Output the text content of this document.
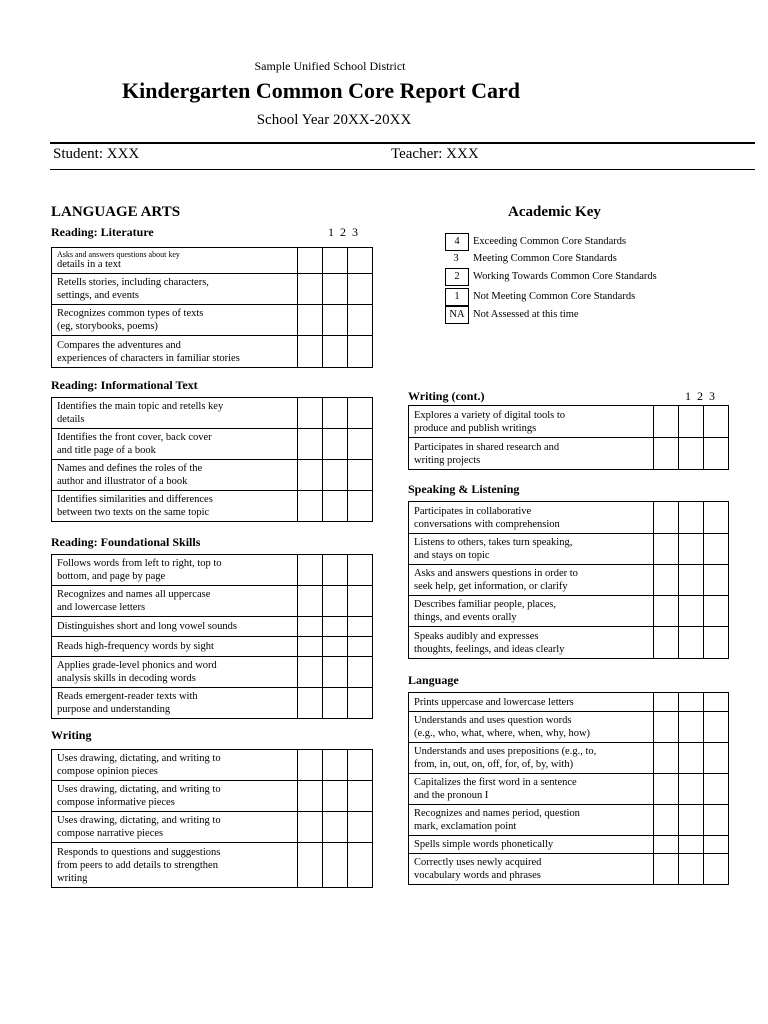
Sample Unified School District
Kindergarten Common Core Report Card
School Year 20XX-20XX
Student: XXX	Teacher: XXX
LANGUAGE ARTS
Reading: Literature	1 2 3
Asks and answers questions about key
details in a text			

Retells stories, including characters,
settings, and events			

Recognizes common types of texts
(eg, storybooks, poems)			

Compares the adventures and
experiences of characters in familiar stories			

Reading: Informational Text
Identifies the main topic and retells key
details			

Identifies the front cover, back cover
and title page of a book			

Names and defines the roles of the
author and illustrator of a book			

Identifies similarities and differences
between two texts on the same topic			

Reading: Foundational Skills
Follows words from left to right, top to
bottom, and page by page			

Recognizes and names all uppercase
and lowercase letters			

Distinguishes short and long vowel sounds			

Reads high-frequency words by sight			

Applies grade-level phonics and word
analysis skills in decoding words			

Reads emergent-reader texts with
purpose and understanding			

Writing
Uses drawing, dictating, and writing to
compose opinion pieces			

Uses drawing, dictating, and writing to
compose informative pieces			

Uses drawing, dictating, and writing to
compose narrative pieces			

Responds to questions and suggestions
from peers to add details to strengthen
writing			

Academic Key
4	Exceeding Common Core Standards
3	Meeting Common Core Standards
2	Working Towards Common Core Standards
1	Not Meeting Common Core Standards
NA Not Assessed at this time
Writing (cont.)	1 2 3
Explores a variety of digital tools to
produce and publish writings			

Participates in shared research and
writing projects			

Speaking & Listening
Participates in collaborative
conversations with comprehension			

Listens to others, takes turn speaking,
and stays on topic			

Asks and answers questions in order to
seek help, get information, or clarify			

Describes familiar people, places,
things, and events orally			

Speaks audibly and expresses
thoughts, feelings, and ideas clearly			

Language
Prints uppercase and lowercase letters			

Understands and uses question words
(e.g., who, what, where, when, why, how)			

Understands and uses prepositions (e.g., to,
from, in, out, on, off, for, of, by, with)			

Capitalizes the first word in a sentence
and the pronoun I			

Recognizes and names period, question
mark, exclamation point			

Spells simple words phonetically			

Correctly uses newly acquired
vocabulary words and phrases			
